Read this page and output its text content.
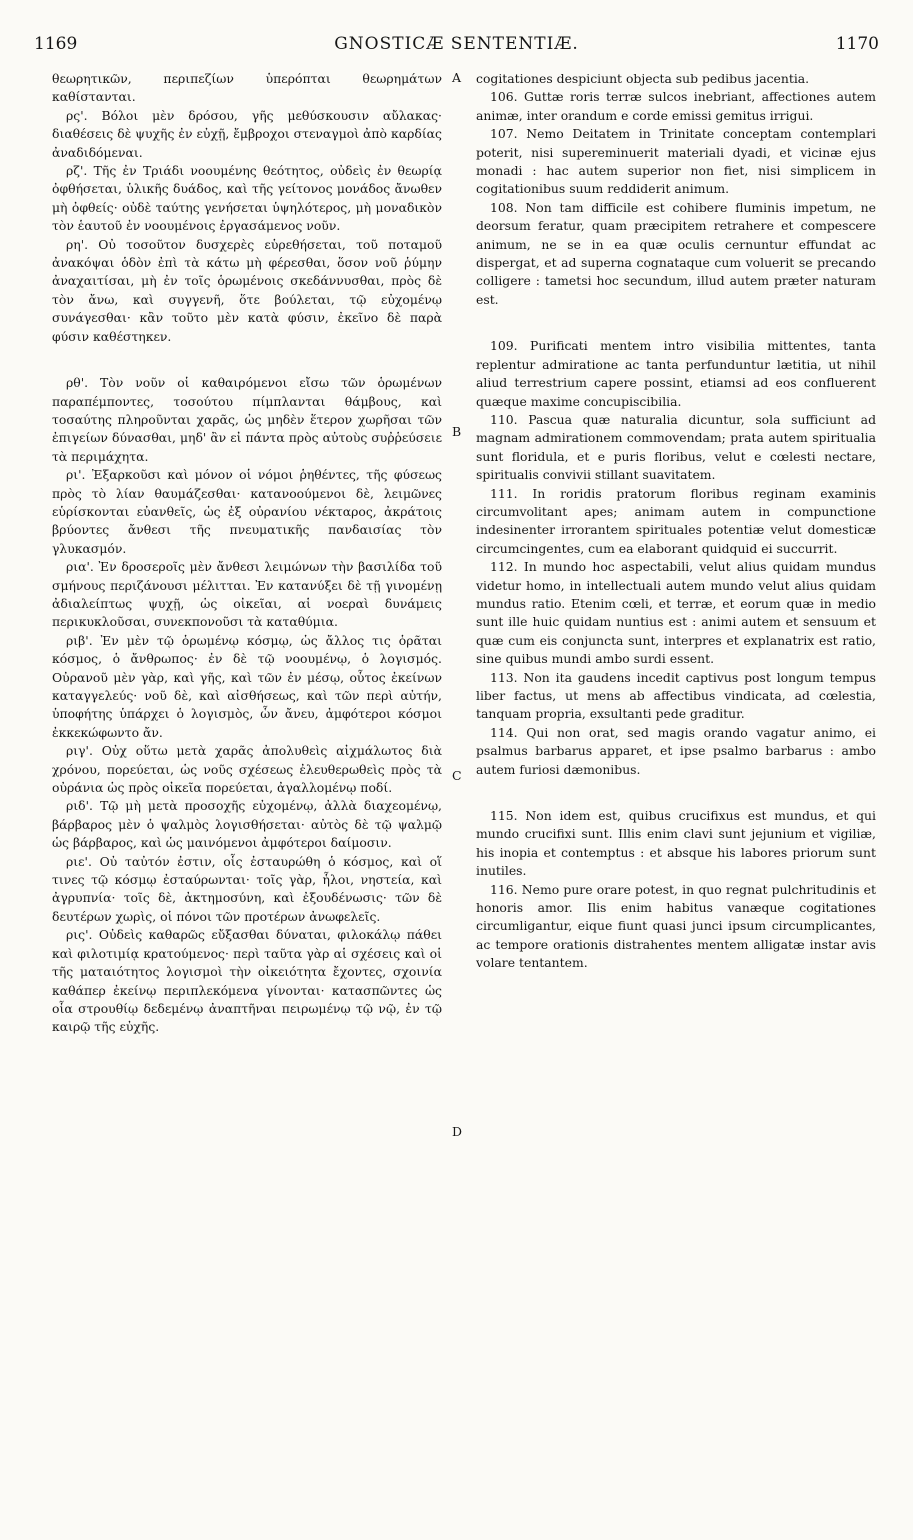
1169	GNOSTICÆ SENTENTIÆ.	1170

θεωρητικῶν, περιπεζίων ὑπερόπται θεωρημάτων καθίστανται.

ρς'. Βόλοι μὲν δρόσου, γῆς μεθύσκουσιν αὔλακας· διαθέσεις δὲ ψυχῆς ἐν εὐχῇ, ἔμβροχοι στεναγμοὶ ἀπὸ καρδίας ἀναδιδόμεναι.

ρζ'. Τῆς ἐν Τριάδι νοουμένης θεότητος, οὐδεὶς ἐν θεωρίᾳ ὀφθήσεται, ὑλικῆς δυάδος, καὶ τῆς γείτονος μονάδος ἄνωθεν μὴ ὀφθείς· οὐδὲ ταύτης γενήσεται ὑψηλότερος, μὴ μοναδικὸν τὸν ἑαυτοῦ ἐν νοουμένοις ἐργασάμενος νοῦν.

ρη'. Οὐ τοσοῦτον δυσχερὲς εὑρεθήσεται, τοῦ ποταμοῦ ἀνακόψαι ὁδὸν ἐπὶ τὰ κάτω μὴ φέρεσθαι, ὅσον νοῦ ῥύμην ἀναχαιτίσαι, μὴ ἐν τοῖς ὁρωμένοις σκεδάννυσθαι, πρὸς δὲ τὸν ἄνω, καὶ συγγενῆ, ὅτε βούλεται, τῷ εὐχομένῳ συνάγεσθαι· κἂν τοῦτο μὲν κατὰ φύσιν, ἐκεῖνο δὲ παρὰ φύσιν καθέστηκεν.

ρθ'. Τὸν νοῦν οἱ καθαιρόμενοι εἴσω τῶν ὁρωμένων παραπέμποντες, τοσούτου πίμπλανται θάμβους, καὶ τοσαύτης πληροῦνται χαρᾶς, ὡς μηδὲν ἕτερον χωρῆσαι τῶν ἐπιγείων δύνασθαι, μηδ' ἂν εἰ πάντα πρὸς αὐτοὺς συῤῥεύσειε τὰ περιμάχητα.

ρι'. Ἐξαρκοῦσι καὶ μόνον οἱ νόμοι ῥηθέντες, τῆς φύσεως πρὸς τὸ λίαν θαυμάζεσθαι· κατανοούμενοι δὲ, λειμῶνες εὑρίσκονται εὐανθεῖς, ὡς ἐξ οὐρανίου νέκταρος, ἀκράτοις βρύοντες ἄνθεσι τῆς πνευματικῆς πανδαισίας τὸν γλυκασμόν.

ρια'. Ἐν δροσεροῖς μὲν ἄνθεσι λειμώνων τὴν βασιλίδα τοῦ σμήνους περιζάνουσι μέλιτται. Ἐν κατανύξει δὲ τῇ γινομένῃ ἀδιαλείπτως ψυχῇ, ὡς οἰκεῖαι, αἱ νοεραὶ δυνάμεις περικυκλοῦσαι, συνεκπονοῦσι τὰ καταθύμια.

ριβ'. Ἐν μὲν τῷ ὁρωμένῳ κόσμῳ, ὡς ἄλλος τις ὁρᾶται κόσμος, ὁ ἄνθρωπος· ἐν δὲ τῷ νοουμένῳ, ὁ λογισμός. Οὐρανοῦ μὲν γὰρ, καὶ γῆς, καὶ τῶν ἐν μέσῳ, οὗτος ἐκείνων καταγγελεύς· νοῦ δὲ, καὶ αἰσθήσεως, καὶ τῶν περὶ αὐτήν, ὑποφήτης ὑπάρχει ὁ λογισμὸς, ὧν ἄνευ, ἀμφότεροι κόσμοι ἐκκεκώφωντο ἄν.

ριγ'. Οὐχ οὕτω μετὰ χαρᾶς ἀπολυθεὶς αἰχμάλωτος διὰ χρόνου, πορεύεται, ὡς νοῦς σχέσεως ἐλευθερωθεὶς πρὸς τὰ οὐράνια ὡς πρὸς οἰκεῖα πορεύεται, ἀγαλλομένῳ ποδί.

ριδ'. Τῷ μὴ μετὰ προσοχῆς εὐχομένῳ, ἀλλὰ διαχεομένῳ, βάρβαρος μὲν ὁ ψαλμὸς λογισθήσεται· αὐτὸς δὲ τῷ ψαλμῷ ὡς βάρβαρος, καὶ ὡς μαινόμενοι ἀμφότεροι δαίμοσιν.

ριε'. Οὐ ταὐτόν ἐστιν, οἷς ἐσταυρώθη ὁ κόσμος, καὶ οἵ τινες τῷ κόσμῳ ἐσταύρωνται· τοῖς γὰρ, ἧλοι, νηστεία, καὶ ἀγρυπνία· τοῖς δὲ, ἀκτημοσύνη, καὶ ἐξουδένωσις· τῶν δὲ δευτέρων χωρὶς, οἱ πόνοι τῶν προτέρων ἀνωφελεῖς.

ρις'. Οὐδεὶς καθαρῶς εὔξασθαι δύναται, φιλοκάλῳ πάθει καὶ φιλοτιμίᾳ κρατούμενος· περὶ ταῦτα γὰρ αἱ σχέσεις καὶ οἱ τῆς ματαιότητος λογισμοὶ τὴν οἰκειότητα ἔχοντες, σχοινία καθάπερ ἐκείνῳ περιπλεκόμενα γίνονται· κατασπῶντες ὡς οἷα στρουθίῳ δεδεμένῳ ἀναπτῆναι πειρωμένῳ τῷ νῷ, ἐν τῷ καιρῷ τῆς εὐχῆς.

A
B
C
D

cogitationes despiciunt objecta sub pedibus jacentia.

106. Guttæ roris terræ sulcos inebriant, affectiones autem animæ, inter orandum e corde emissi gemitus irrigui.

107. Nemo Deitatem in Trinitate conceptam contemplari poterit, nisi supereminuerit materiali dyadi, et vicinæ ejus monadi : hac autem superior non fiet, nisi simplicem in cogitationibus suum reddiderit animum.

108. Non tam difficile est cohibere fluminis impetum, ne deorsum feratur, quam præcipitem retrahere et compescere animum, ne se in ea quæ oculis cernuntur effundat ac dispergat, et ad superna cognataque cum voluerit se precando colligere : tametsi hoc secundum, illud autem præter naturam est.

109. Purificati mentem intro visibilia mittentes, tanta replentur admiratione ac tanta perfunduntur lætitia, ut nihil aliud terrestrium capere possint, etiamsi ad eos confluerent quæque maxime concupiscibilia.

110. Pascua quæ naturalia dicuntur, sola sufficiunt ad magnam admirationem commovendam; prata autem spiritualia sunt floridula, et e puris floribus, velut e cœlesti nectare, spiritualis convivii stillant suavitatem.

111. In roridis pratorum floribus reginam examinis circumvolitant apes; animam autem in compunctione indesinenter irrorantem spirituales potentiæ velut domesticæ circumcingentes, cum ea elaborant quidquid ei succurrit.

112. In mundo hoc aspectabili, velut alius quidam mundus videtur homo, in intellectuali autem mundo velut alius quidam mundus ratio. Etenim cœli, et terræ, et eorum quæ in medio sunt ille huic quidam nuntius est : animi autem et sensuum et quæ cum eis conjuncta sunt, interpres et explanatrix est ratio, sine quibus mundi ambo surdi essent.

113. Non ita gaudens incedit captivus post longum tempus liber factus, ut mens ab affectibus vindicata, ad cœlestia, tanquam propria, exsultanti pede graditur.

114. Qui non orat, sed magis orando vagatur animo, ei psalmus barbarus apparet, et ipse psalmo barbarus : ambo autem furiosi dæmonibus.

115. Non idem est, quibus crucifixus est mundus, et qui mundo crucifixi sunt. Illis enim clavi sunt jejunium et vigiliæ, his inopia et contemptus : et absque his labores priorum sunt inutiles.

116. Nemo pure orare potest, in quo regnat pulchritudinis et honoris amor. Ilis enim habitus vanæque cogitationes circumligantur, eique fiunt quasi junci ipsum circumplicantes, ac tempore orationis distrahentes mentem alligatæ instar avis volare tentantem.
